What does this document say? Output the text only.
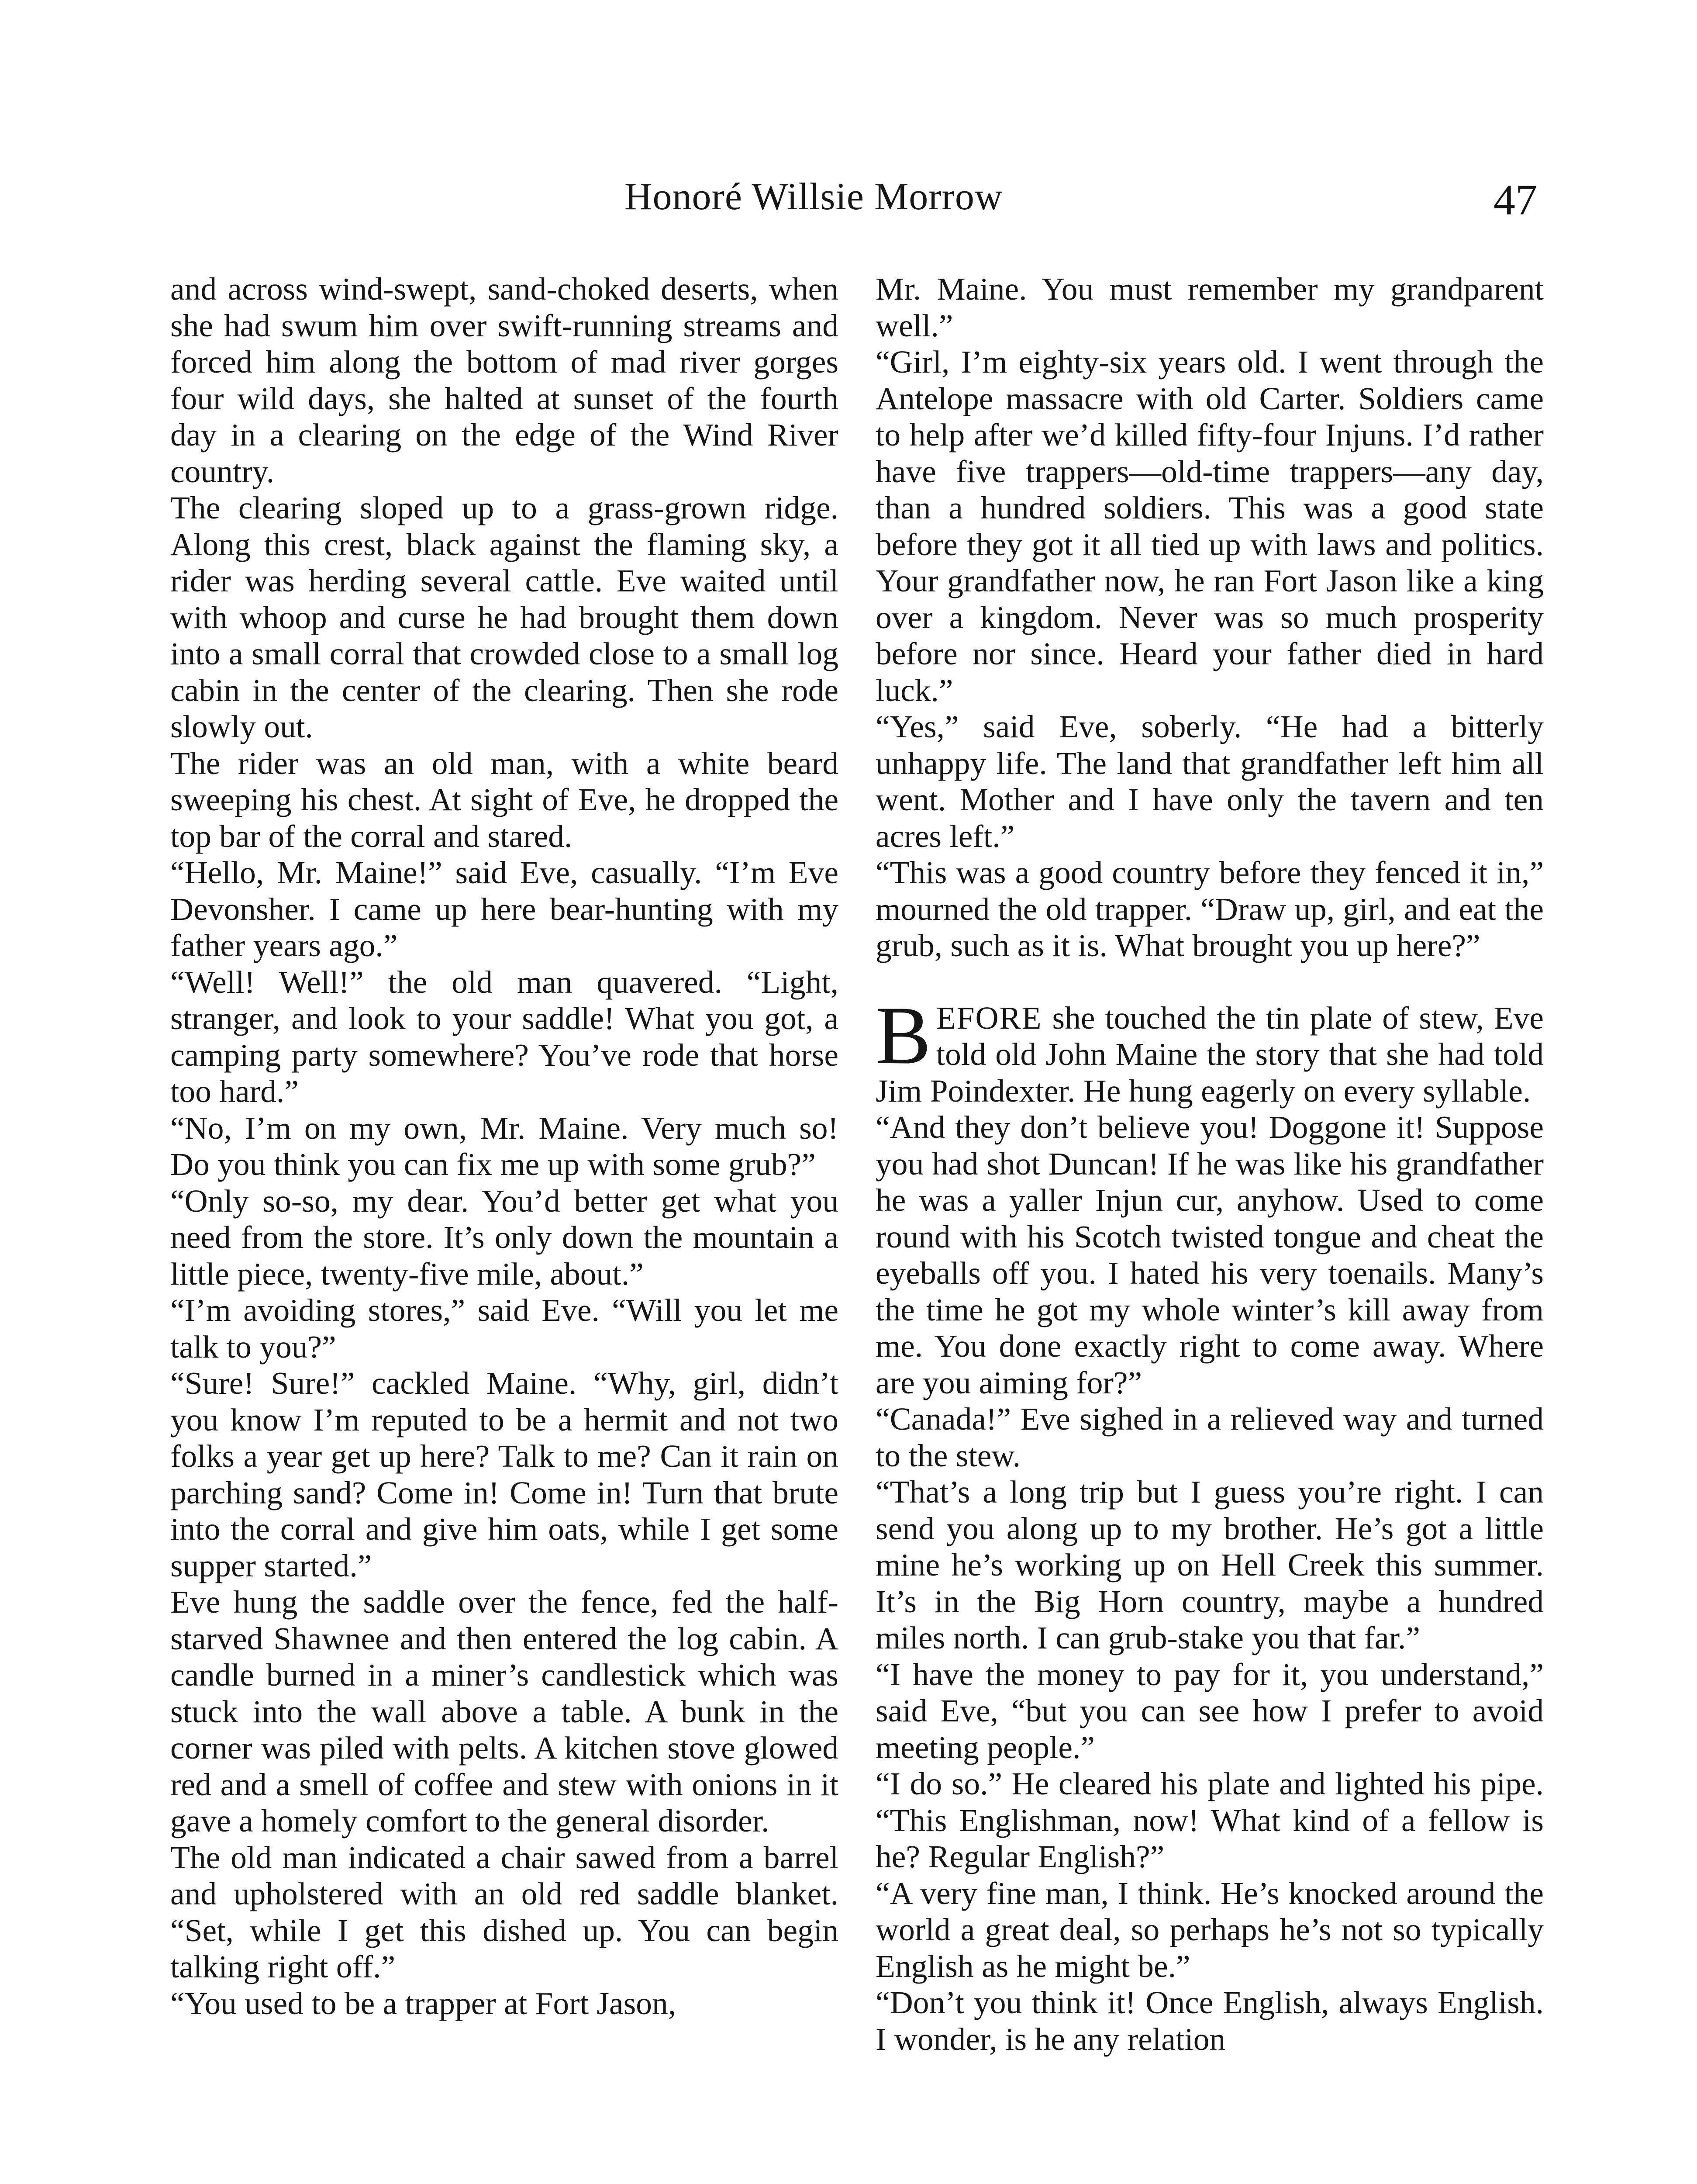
Honoré Willsie Morrow	47

and across wind-swept, sand-choked deserts, when she had swum him over swift-running streams and forced him along the bottom of mad river gorges four wild days, she halted at sunset of the fourth day in a clearing on the edge of the Wind River country.

The clearing sloped up to a grass-grown ridge. Along this crest, black against the flaming sky, a rider was herding several cattle. Eve waited until with whoop and curse he had brought them down into a small corral that crowded close to a small log cabin in the center of the clearing. Then she rode slowly out.

The rider was an old man, with a white beard sweeping his chest. At sight of Eve, he dropped the top bar of the corral and stared.

“Hello, Mr. Maine!” said Eve, casually. “I’m Eve Devonsher. I came up here bear-hunting with my father years ago.”

“Well! Well!” the old man quavered. “Light, stranger, and look to your saddle! What you got, a camping party somewhere? You’ve rode that horse too hard.”

“No, I’m on my own, Mr. Maine. Very much so! Do you think you can fix me up with some grub?”

“Only so-so, my dear. You’d better get what you need from the store. It’s only down the mountain a little piece, twenty-five mile, about.”

“I’m avoiding stores,” said Eve. “Will you let me talk to you?”

“Sure! Sure!” cackled Maine. “Why, girl, didn’t you know I’m reputed to be a hermit and not two folks a year get up here? Talk to me? Can it rain on parching sand? Come in! Come in! Turn that brute into the corral and give him oats, while I get some supper started.”

Eve hung the saddle over the fence, fed the half-starved Shawnee and then entered the log cabin. A candle burned in a miner’s candlestick which was stuck into the wall above a table. A bunk in the corner was piled with pelts. A kitchen stove glowed red and a smell of coffee and stew with onions in it gave a homely comfort to the general disorder.

The old man indicated a chair sawed from a barrel and upholstered with an old red saddle blanket. “Set, while I get this dished up. You can begin talking right off.”

“You used to be a trapper at Fort Jason,

Mr. Maine. You must remember my grandparent well.”

“Girl, I’m eighty-six years old. I went through the Antelope massacre with old Carter. Soldiers came to help after we’d killed fifty-four Injuns. I’d rather have five trappers—old-time trappers—any day, than a hundred soldiers. This was a good state before they got it all tied up with laws and politics. Your grandfather now, he ran Fort Jason like a king over a kingdom. Never was so much prosperity before nor since. Heard your father died in hard luck.”

“Yes,” said Eve, soberly. “He had a bitterly unhappy life. The land that grandfather left him all went. Mother and I have only the tavern and ten acres left.”

“This was a good country before they fenced it in,” mourned the old trapper. “Draw up, girl, and eat the grub, such as it is. What brought you up here?”

BEFORE she touched the tin plate of stew, Eve told old John Maine the story that she had told Jim Poindexter. He hung eagerly on every syllable.

“And they don’t believe you! Doggone it! Suppose you had shot Duncan! If he was like his grandfather he was a yaller Injun cur, anyhow. Used to come round with his Scotch twisted tongue and cheat the eyeballs off you. I hated his very toenails. Many’s the time he got my whole winter’s kill away from me. You done exactly right to come away. Where are you aiming for?”

“Canada!” Eve sighed in a relieved way and turned to the stew.

“That’s a long trip but I guess you’re right. I can send you along up to my brother. He’s got a little mine he’s working up on Hell Creek this summer. It’s in the Big Horn country, maybe a hundred miles north. I can grub-stake you that far.”

“I have the money to pay for it, you understand,” said Eve, “but you can see how I prefer to avoid meeting people.”

“I do so.” He cleared his plate and lighted his pipe. “This Englishman, now! What kind of a fellow is he? Regular English?”

“A very fine man, I think. He’s knocked around the world a great deal, so perhaps he’s not so typically English as he might be.”

“Don’t you think it! Once English, always English. I wonder, is he any relation
